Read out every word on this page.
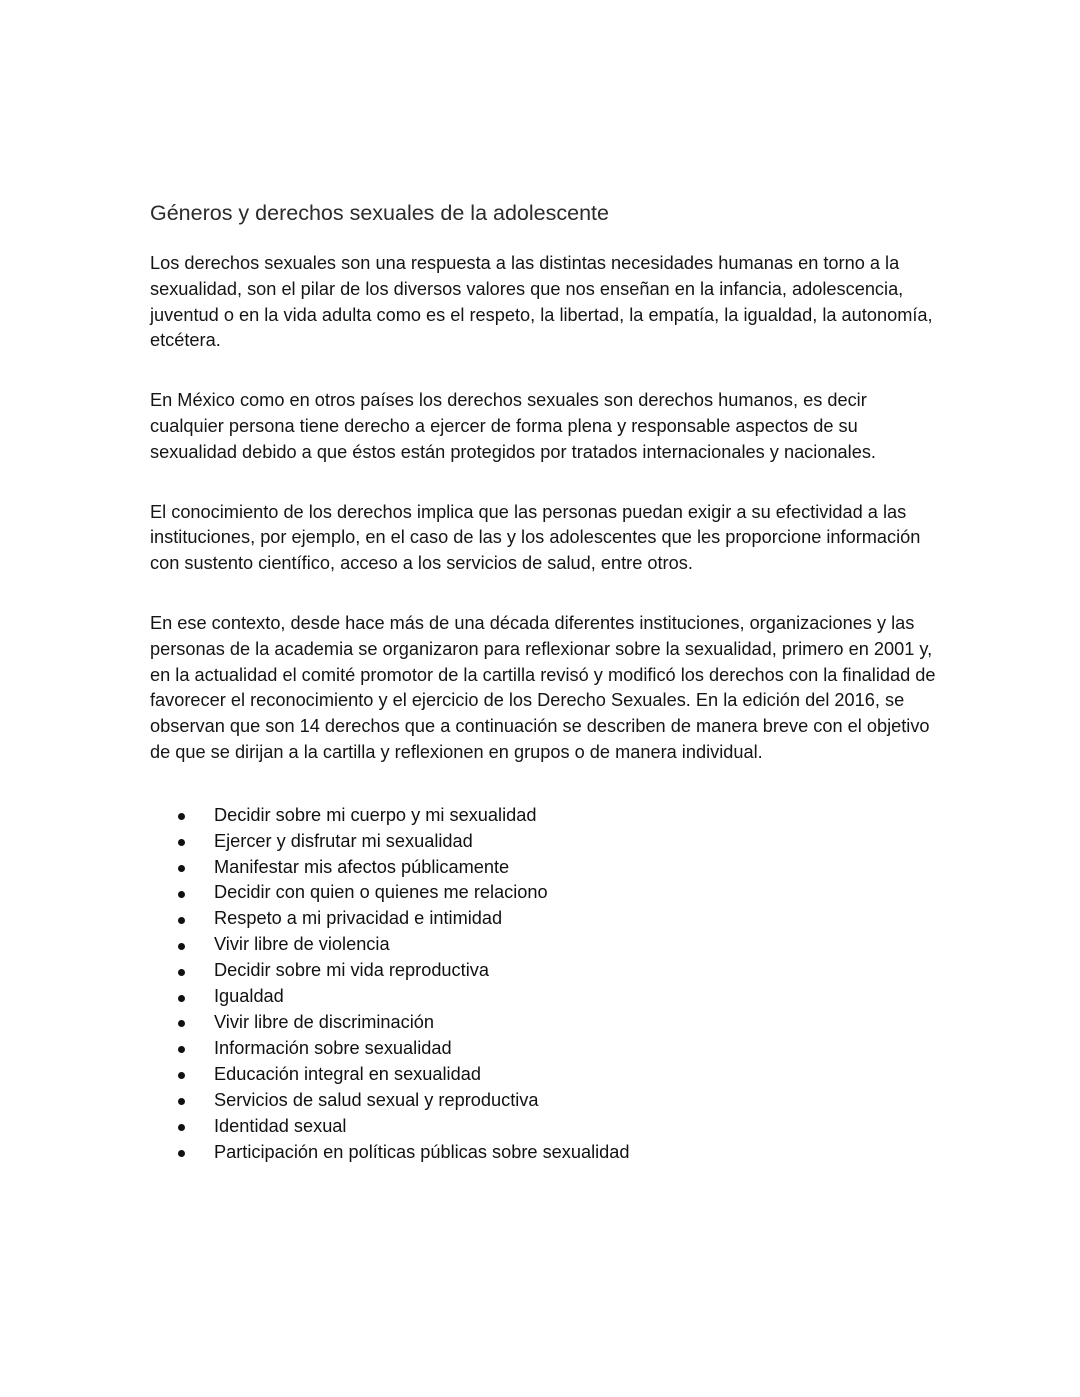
Géneros y derechos sexuales de la adolescente

Los derechos sexuales son una respuesta a las distintas necesidades humanas en torno a la sexualidad, son el pilar de los diversos valores que nos enseñan en la infancia, adolescencia, juventud o en la vida adulta como es el respeto, la libertad, la empatía, la igualdad, la autonomía, etcétera.

En México como en otros países los derechos sexuales son derechos humanos, es decir cualquier persona tiene derecho a ejercer de forma plena y responsable aspectos de su sexualidad debido a que éstos están protegidos por tratados internacionales y nacionales.

El conocimiento de los derechos implica que las personas puedan exigir a su efectividad a las instituciones, por ejemplo, en el caso de las y los adolescentes que les proporcione información con sustento científico, acceso a los servicios de salud, entre otros.

En ese contexto, desde hace más de una década diferentes instituciones, organizaciones y las personas de la academia se organizaron para reflexionar sobre la sexualidad, primero en 2001 y, en la actualidad el comité promotor de la cartilla revisó y modificó los derechos con la finalidad de favorecer el reconocimiento y el ejercicio de los Derecho Sexuales. En la edición del 2016, se observan que son 14 derechos que a continuación se describen de manera breve con el objetivo de que se dirijan a la cartilla y reflexionen en grupos o de manera individual.

Decidir sobre mi cuerpo y mi sexualidad
Ejercer y disfrutar mi sexualidad
Manifestar mis afectos públicamente
Decidir con quien o quienes me relaciono
Respeto a mi privacidad e intimidad
Vivir libre de violencia
Decidir sobre mi vida reproductiva
Igualdad
Vivir libre de discriminación
Información sobre sexualidad
Educación integral en sexualidad
Servicios de salud sexual y reproductiva
Identidad sexual
Participación en políticas públicas sobre sexualidad
